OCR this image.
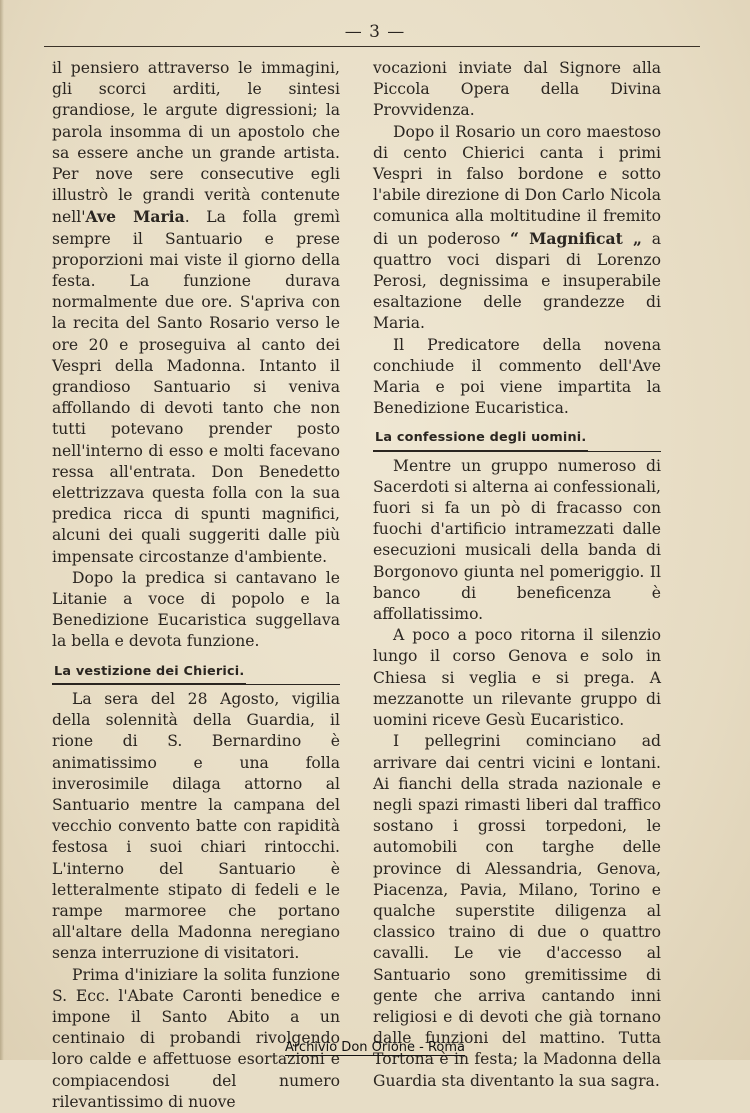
— 3 —

il pensiero attraverso le immagini, gli scorci arditi, le sintesi grandiose, le argute digressioni; la parola insomma di un apostolo che sa essere anche un grande artista. Per nove sere consecutive egli illustrò le grandi verità contenute nell'Ave Maria. La folla gremì sempre il Santuario e prese proporzioni mai viste il giorno della festa. La funzione durava normalmente due ore. S'apriva con la recita del Santo Rosario verso le ore 20 e proseguiva al canto dei Vespri della Madonna. Intanto il grandioso Santuario si veniva affollando di devoti tanto che non tutti potevano prender posto nell'interno di esso e molti facevano ressa all'entrata. Don Benedetto elettrizzava questa folla con la sua predica ricca di spunti magnifici, alcuni dei quali suggeriti dalle più impensate circostanze d'ambiente.

Dopo la predica si cantavano le Litanie a voce di popolo e la Benedizione Eucaristica suggellava la bella e devota funzione.

La vestizione dei Chierici.

La sera del 28 Agosto, vigilia della solennità della Guardia, il rione di S. Bernardino è animatissimo e una folla inverosimile dilaga attorno al Santuario mentre la campana del vecchio convento batte con rapidità festosa i suoi chiari rintocchi. L'interno del Santuario è letteralmente stipato di fedeli e le rampe marmoree che portano all'altare della Madonna neregiano senza interruzione di visitatori.

Prima d'iniziare la solita funzione S. Ecc. l'Abate Caronti benedice e impone il Santo Abito a un centinaio di probandi rivolgendo loro calde e affettuose esortazioni e compiacendosi del numero rilevantissimo di nuove

vocazioni inviate dal Signore alla Piccola Opera della Divina Provvidenza.

Dopo il Rosario un coro maestoso di cento Chierici canta i primi Vespri in falso bordone e sotto l'abile direzione di Don Carlo Nicola comunica alla moltitudine il fremito di un poderoso “ Magnificat „ a quattro voci dispari di Lorenzo Perosi, degnissima e insuperabile esaltazione delle grandezze di Maria.

Il Predicatore della novena conchiude il commento dell'Ave Maria e poi viene impartita la Benedizione Eucaristica.

La confessione degli uomini.

Mentre un gruppo numeroso di Sacerdoti si alterna ai confessionali, fuori si fa un pò di fracasso con fuochi d'artificio intramezzati dalle esecuzioni musicali della banda di Borgonovo giunta nel pomeriggio. Il banco di beneficenza è affollatissimo.

A poco a poco ritorna il silenzio lungo il corso Genova e solo in Chiesa si veglia e si prega. A mezzanotte un rilevante gruppo di uomini riceve Gesù Eucaristico.

I pellegrini cominciano ad arrivare dai centri vicini e lontani. Ai fianchi della strada nazionale e negli spazi rimasti liberi dal traffico sostano i grossi torpedoni, le automobili con targhe delle province di Alessandria, Genova, Piacenza, Pavia, Milano, Torino e qualche superstite diligenza al classico traino di due o quattro cavalli. Le vie d'accesso al Santuario sono gremitissime di gente che arriva cantando inni religiosi e di devoti che già tornano dalle funzioni del mattino. Tutta Tortona è in festa; la Madonna della Guardia sta diventanto la sua sagra.

Archivio Don Orione - Roma
